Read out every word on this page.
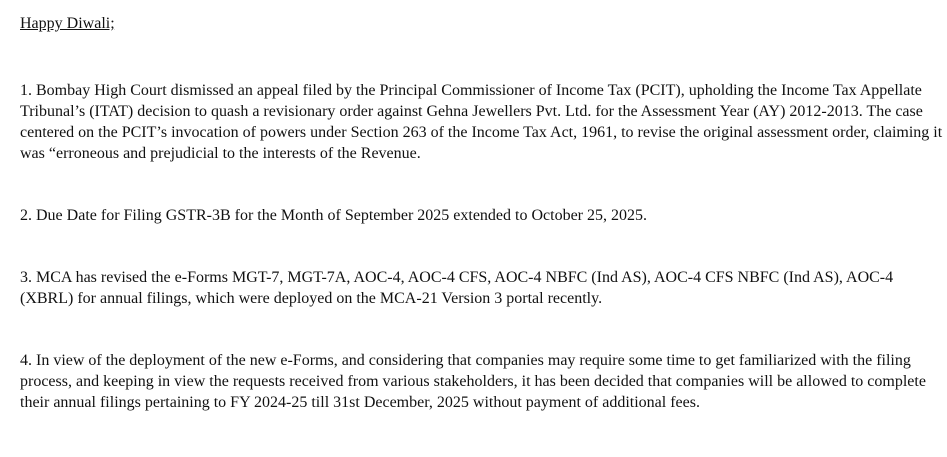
Happy Diwali;

1. Bombay High Court dismissed an appeal filed by the Principal Commissioner of Income Tax (PCIT), upholding the Income Tax Appellate Tribunal’s (ITAT) decision to quash a revisionary order against Gehna Jewellers Pvt. Ltd. for the Assessment Year (AY) 2012-2013. The case centered on the PCIT’s invocation of powers under Section 263 of the Income Tax Act, 1961, to revise the original assessment order, claiming it was “erroneous and prejudicial to the interests of the Revenue.

2. Due Date for Filing GSTR-3B for the Month of September 2025 extended to October 25, 2025.

3. MCA has revised the e-Forms MGT-7, MGT-7A, AOC-4, AOC-4 CFS, AOC-4 NBFC (Ind AS), AOC-4 CFS NBFC (Ind AS), AOC-4 (XBRL) for annual filings, which were deployed on the MCA-21 Version 3 portal recently.

4. In view of the deployment of the new e-Forms, and considering that companies may require some time to get familiarized with the filing process, and keeping in view the requests received from various stakeholders, it has been decided that companies will be allowed to complete their annual filings pertaining to FY 2024-25 till 31st December, 2025 without payment of additional fees.
